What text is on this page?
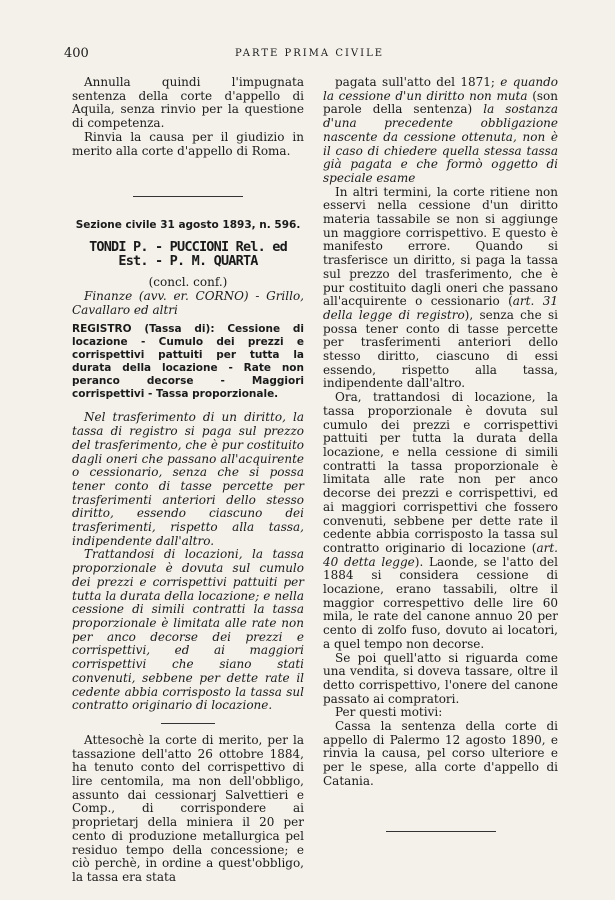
400	PARTE PRIMA CIVILE

Annulla quindi l'impugnata sentenza della corte d'appello di Aquila, senza rinvio per la questione di competenza.

Rinvia la causa per il giudizio in merito alla corte d'appello di Roma.

Sezione civile 31 agosto 1893, n. 596.
TONDI P. - PUCCIONI Rel. ed Est. - P. M. QUARTA
(concl. conf.)

Finanze (avv. er. CORNO) - Grillo, Cavallaro ed altri

REGISTRO (Tassa di): Cessione di locazione - Cumulo dei prezzi e corrispettivi pattuiti per tutta la durata della locazione - Rate non peranco decorse - Maggiori corrispettivi - Tassa proporzionale.

Nel trasferimento di un diritto, la tassa di registro si paga sul prezzo del trasferimento, che è pur costituito dagli oneri che passano all'acquirente o cessionario, senza che si possa tener conto di tasse percette per trasferimenti anteriori dello stesso diritto, essendo ciascuno dei trasferimenti, rispetto alla tassa, indipendente dall'altro.

Trattandosi di locazioni, la tassa proporzionale è dovuta sul cumulo dei prezzi e corrispettivi pattuiti per tutta la durata della locazione; e nella cessione di simili contratti la tassa proporzionale è limitata alle rate non per anco decorse dei prezzi e corrispettivi, ed ai maggiori corrispettivi che siano stati convenuti, sebbene per dette rate il cedente abbia corrisposto la tassa sul contratto originario di locazione.

Attesochè la corte di merito, per la tassazione dell'atto 26 ottobre 1884, ha tenuto conto del corrispettivo di lire centomila, ma non dell'obbligo, assunto dai cessionarj Salvettieri e Comp., di corrispondere ai proprietarj della miniera il 20 per cento di produzione metallurgica pel residuo tempo della concessione; e ciò perchè, in ordine a quest'obbligo, la tassa era stata

pagata sull'atto del 1871; e quando la cessione d'un diritto non muta (son parole della sentenza) la sostanza d'una precedente obbligazione nascente da cessione ottenuta, non è il caso di chiedere quella stessa tassa già pagata e che formò oggetto di speciale esame

In altri termini, la corte ritiene non esservi nella cessione d'un diritto materia tassabile se non si aggiunge un maggiore corrispettivo. E questo è manifesto errore. Quando si trasferisce un diritto, si paga la tassa sul prezzo del trasferimento, che è pur costituito dagli oneri che passano all'acquirente o cessionario (art. 31 della legge di registro), senza che si possa tener conto di tasse percette per trasferimenti anteriori dello stesso diritto, ciascuno di essi essendo, rispetto alla tassa, indipendente dall'altro.

Ora, trattandosi di locazione, la tassa proporzionale è dovuta sul cumulo dei prezzi e corrispettivi pattuiti per tutta la durata della locazione, e nella cessione di simili contratti la tassa proporzionale è limitata alle rate non per anco decorse dei prezzi e corrispettivi, ed ai maggiori corrispettivi che fossero convenuti, sebbene per dette rate il cedente abbia corrisposto la tassa sul contratto originario di locazione (art. 40 detta legge). Laonde, se l'atto del 1884 si considera cessione di locazione, erano tassabili, oltre il maggior correspettivo delle lire 60 mila, le rate del canone annuo 20 per cento di zolfo fuso, dovuto ai locatori, a quel tempo non decorse.

Se poi quell'atto si riguarda come una vendita, si doveva tassare, oltre il detto corrispettivo, l'onere del canone passato ai compratori.

Per questi motivi:

Cassa la sentenza della corte di appello di Palermo 12 agosto 1890, e rinvia la causa, pel corso ulteriore e per le spese, alla corte d'appello di Catania.
